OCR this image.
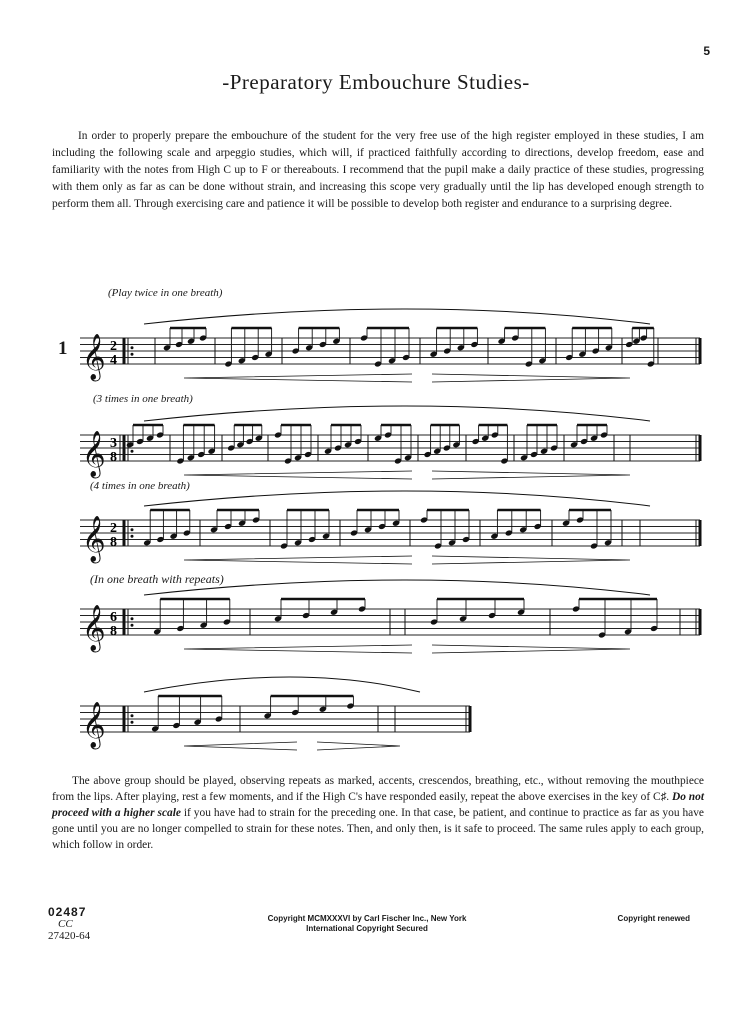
5
-Preparatory Embouchure Studies-
In order to properly prepare the embouchure of the student for the very free use of the high register employed in these studies, I am including the following scale and arpeggio studies, which will, if practiced faithfully according to directions, develop freedom, ease and familiarity with the notes from High C up to F or thereabouts. I recommend that the pupil make a daily practice of these studies, progressing with them only as far as can be done without strain, and increasing this scope very gradually until the lip has developed enough strength to perform them all. Through exercising care and patience it will be possible to develop both register and endurance to a surprising degree.
1
(Play twice in one breath)
(3 times in one breath)
(4 times in one breath)
(In one breath with repeats)
𝄞 2
4
𝄞 3
8
𝄞 2
8
𝄞 6
8
𝄞
The above group should be played, observing repeats as marked, accents, crescendos, breathing, etc., without removing the mouthpiece from the lips. After playing, rest a few moments, and if the High C's have responded easily, repeat the above exercises in the key of C♯. Do not proceed with a higher scale if you have had to strain for the preceding one. In that case, be patient, and continue to practice as far as you have gone until you are no longer compelled to strain for these notes. Then, and only then, is it safe to proceed. The same rules apply to each group, which follow in order.
02487
CC
27420-64
Copyright MCMXXXVI by Carl Fischer Inc., New York
International Copyright Secured
Copyright renewed
